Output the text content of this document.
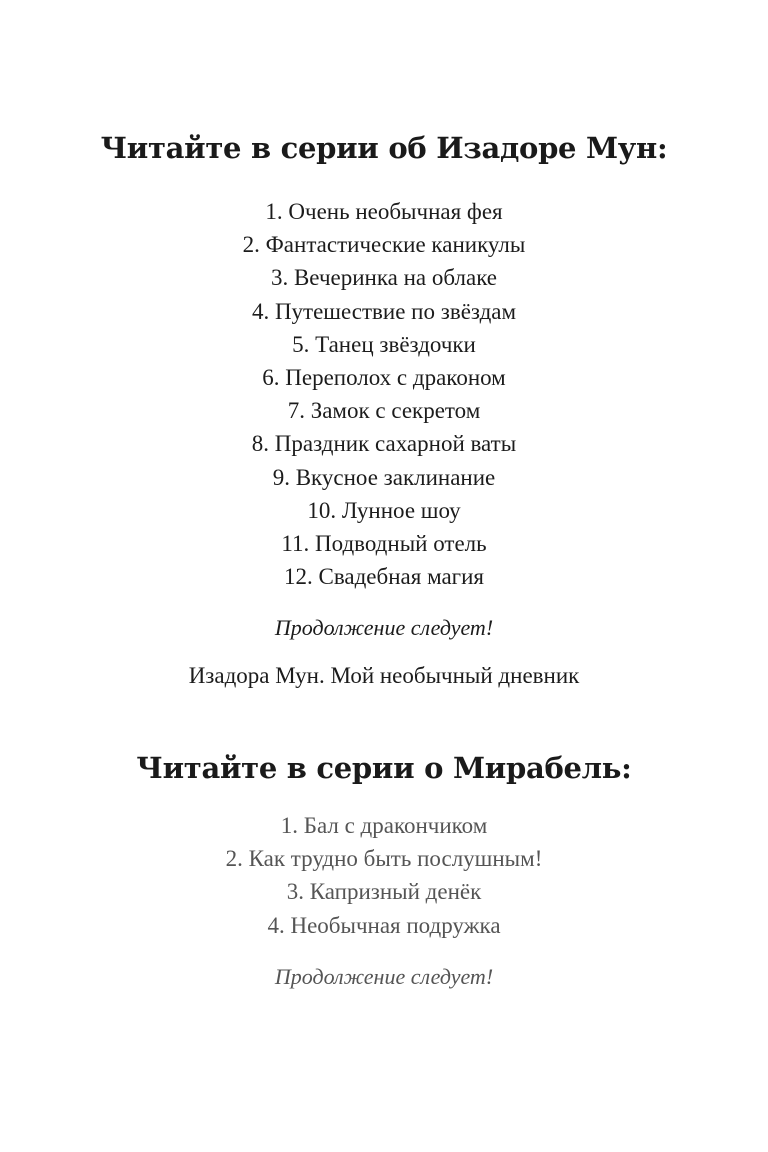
Читайте в серии об Изадоре Мун:
1. Очень необычная фея
2. Фантастические каникулы
3. Вечеринка на облаке
4. Путешествие по звёздам
5. Танец звёздочки
6. Переполох с драконом
7. Замок с секретом
8. Праздник сахарной ваты
9. Вкусное заклинание
10. Лунное шоу
11. Подводный отель
12. Свадебная магия

Продолжение следует!

Изадора Мун. Мой необычный дневник

Читайте в серии о Мирабель:
1. Бал с дракончиком
2. Как трудно быть послушным!
3. Капризный денёк
4. Необычная подружка

Продолжение следует!
